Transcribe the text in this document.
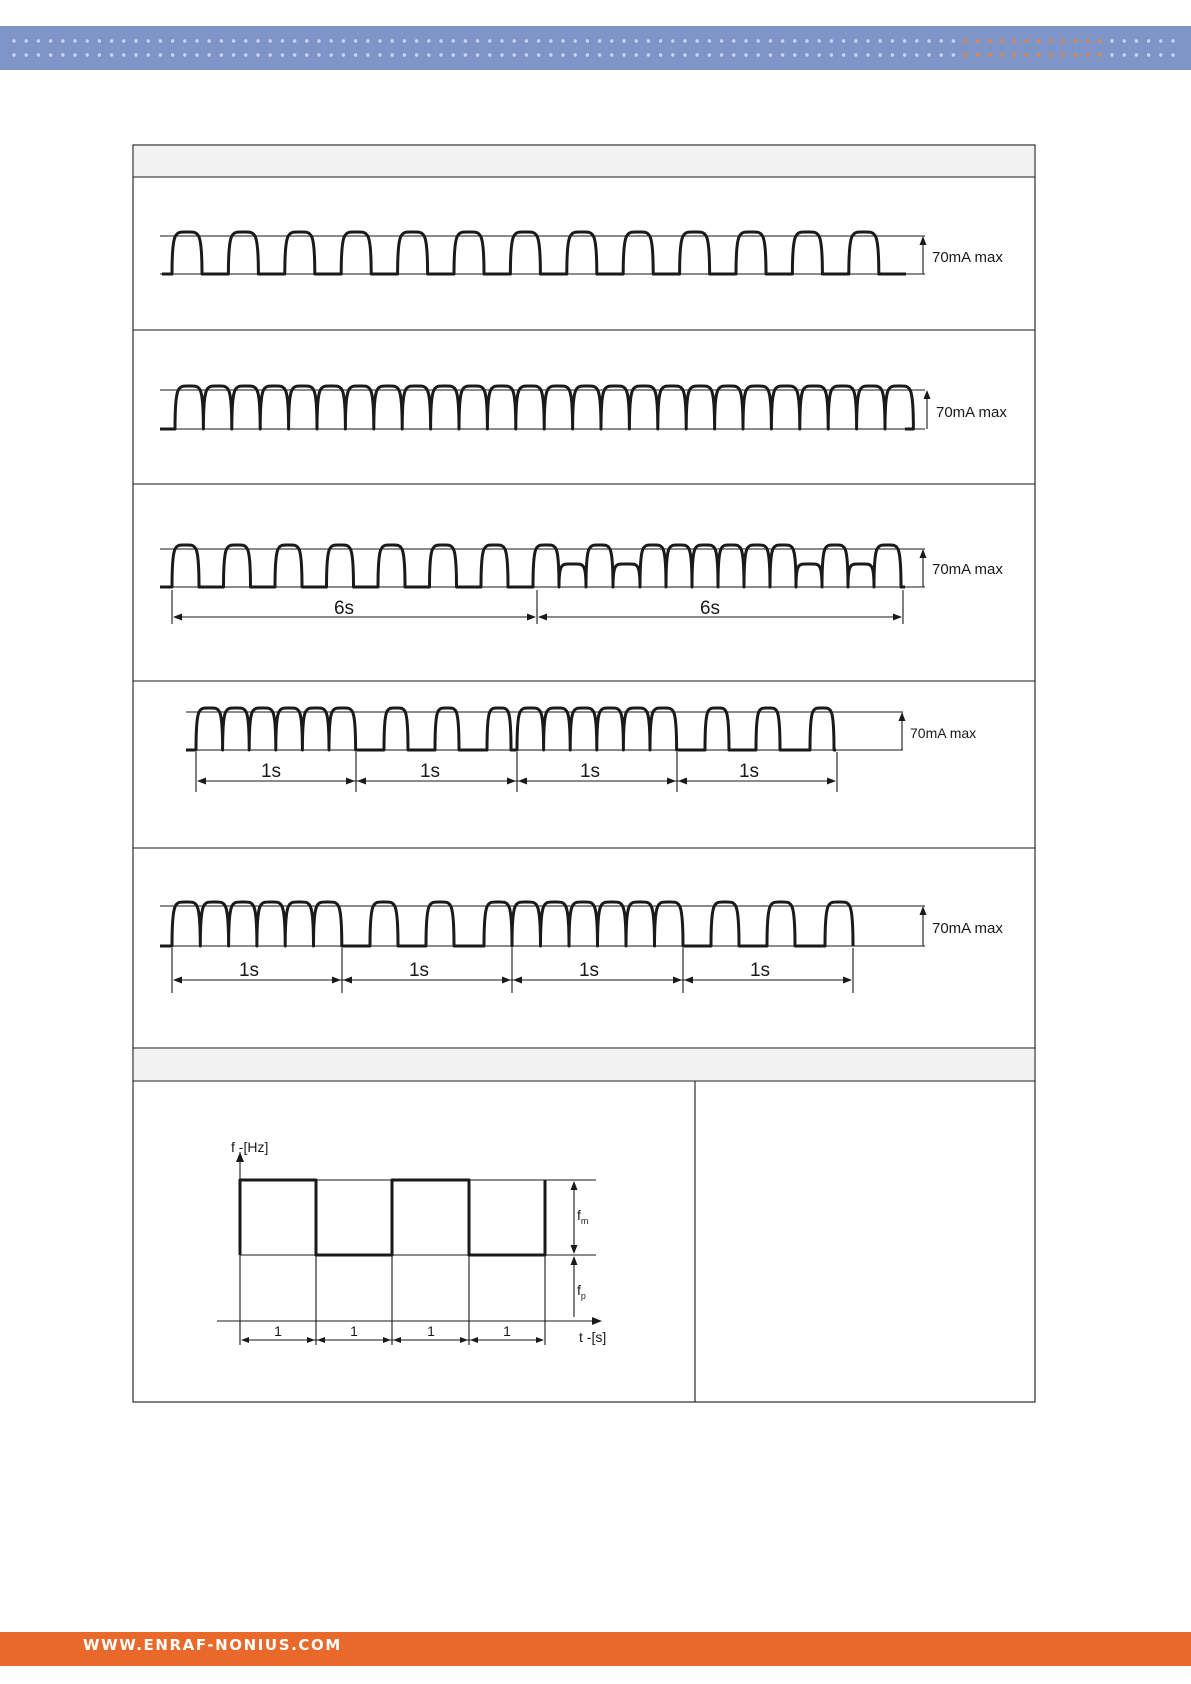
70mA max
70mA max
70mA max
6s	6s
70mA max
1s	1s	1s	1s
70mA max
1s	1s	1s	1s
f -[Hz]
t -[s]
$f_m$
$f_p$
1	1	1	1
WWW.ENRAF-NONIUS.COM
